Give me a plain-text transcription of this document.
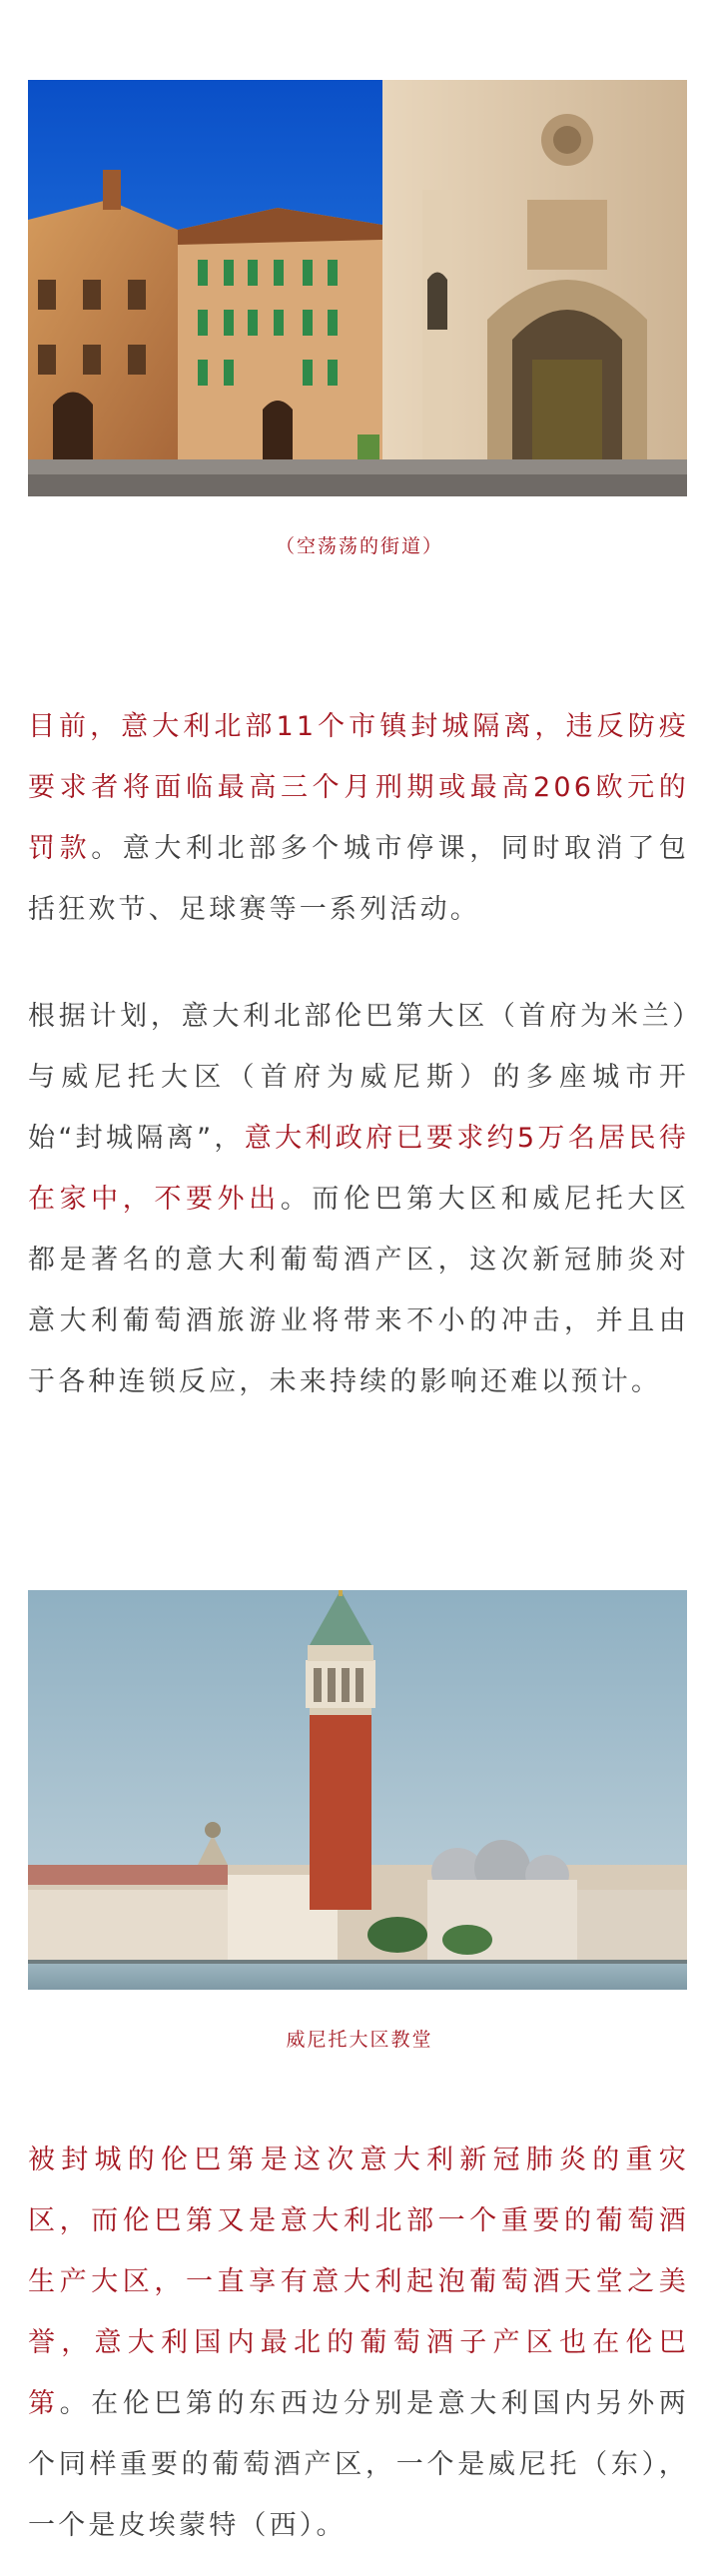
（空荡荡的街道）

目前，意大利北部11个市镇封城隔离，违反防疫要求者将面临最高三个月刑期或最高206欧元的罚款。意大利北部多个城市停课，同时取消了包括狂欢节、足球赛等一系列活动。

根据计划，意大利北部伦巴第大区（首府为米兰）与威尼托大区（首府为威尼斯）的多座城市开始“封城隔离”，意大利政府已要求约5万名居民待在家中，不要外出。而伦巴第大区和威尼托大区都是著名的意大利葡萄酒产区，这次新冠肺炎对意大利葡萄酒旅游业将带来不小的冲击，并且由于各种连锁反应，未来持续的影响还难以预计。

威尼托大区教堂

被封城的伦巴第是这次意大利新冠肺炎的重灾区，而伦巴第又是意大利北部一个重要的葡萄酒生产大区，一直享有意大利起泡葡萄酒天堂之美誉，意大利国内最北的葡萄酒子产区也在伦巴第。在伦巴第的东西边分别是意大利国内另外两个同样重要的葡萄酒产区，一个是威尼托（东），一个是皮埃蒙特（西）。
